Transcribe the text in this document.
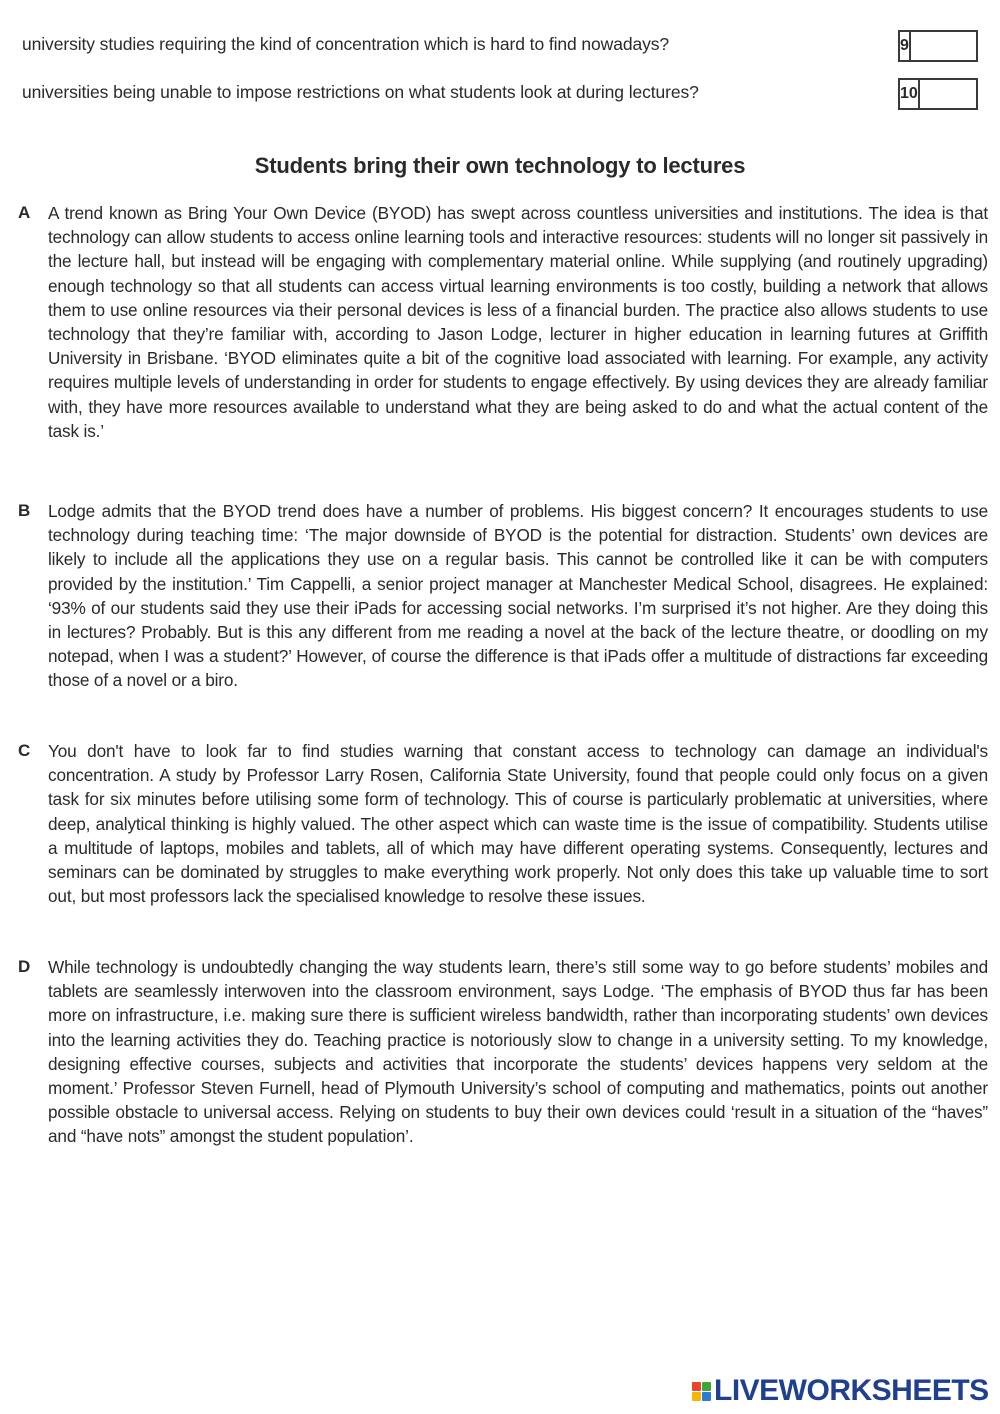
university studies requiring the kind of concentration which is hard to find nowadays?	9
universities being unable to impose restrictions on what students look at during lectures?	10
Students bring their own technology to lectures
A A trend known as Bring Your Own Device (BYOD) has swept across countless universities and institutions. The idea is that technology can allow students to access online learning tools and interactive resources: students will no longer sit passively in the lecture hall, but instead will be engaging with complementary material online. While supplying (and routinely upgrading) enough technology so that all students can access virtual learning environments is too costly, building a network that allows them to use online resources via their personal devices is less of a financial burden. The practice also allows students to use technology that they’re familiar with, according to Jason Lodge, lecturer in higher education in learning futures at Griffith University in Brisbane. ‘BYOD eliminates quite a bit of the cognitive load associated with learning. For example, any activity requires multiple levels of understanding in order for students to engage effectively. By using devices they are already familiar with, they have more resources available to understand what they are being asked to do and what the actual content of the task is.’

B Lodge admits that the BYOD trend does have a number of problems. His biggest concern? It encourages students to use technology during teaching time: ‘The major downside of BYOD is the potential for distraction. Students’ own devices are likely to include all the applications they use on a regular basis. This cannot be controlled like it can be with computers provided by the institution.’ Tim Cappelli, a senior project manager at Manchester Medical School, disagrees. He explained: ‘93% of our students said they use their iPads for accessing social networks. I’m surprised it’s not higher. Are they doing this in lectures? Probably. But is this any different from me reading a novel at the back of the lecture theatre, or doodling on my notepad, when I was a student?’ However, of course the difference is that iPads offer a multitude of distractions far exceeding those of a novel or a biro.

C You don't have to look far to find studies warning that constant access to technology can damage an individual's concentration. A study by Professor Larry Rosen, California State University, found that people could only focus on a given task for six minutes before utilising some form of technology. This of course is particularly problematic at universities, where deep, analytical thinking is highly valued. The other aspect which can waste time is the issue of compatibility. Students utilise a multitude of laptops, mobiles and tablets, all of which may have different operating systems. Consequently, lectures and seminars can be dominated by struggles to make everything work properly. Not only does this take up valuable time to sort out, but most professors lack the specialised knowledge to resolve these issues.

D While technology is undoubtedly changing the way students learn, there’s still some way to go before students’ mobiles and tablets are seamlessly interwoven into the classroom environment, says Lodge. ‘The emphasis of BYOD thus far has been more on infrastructure, i.e. making sure there is sufficient wireless bandwidth, rather than incorporating students’ own devices into the learning activities they do. Teaching practice is notoriously slow to change in a university setting. To my knowledge, designing effective courses, subjects and activities that incorporate the students’ devices happens very seldom at the moment.’ Professor Steven Furnell, head of Plymouth University’s school of computing and mathematics, points out another possible obstacle to universal access. Relying on students to buy their own devices could ‘result in a situation of the “haves” and “have nots” amongst the student population’.

LIVEWORKSHEETS
